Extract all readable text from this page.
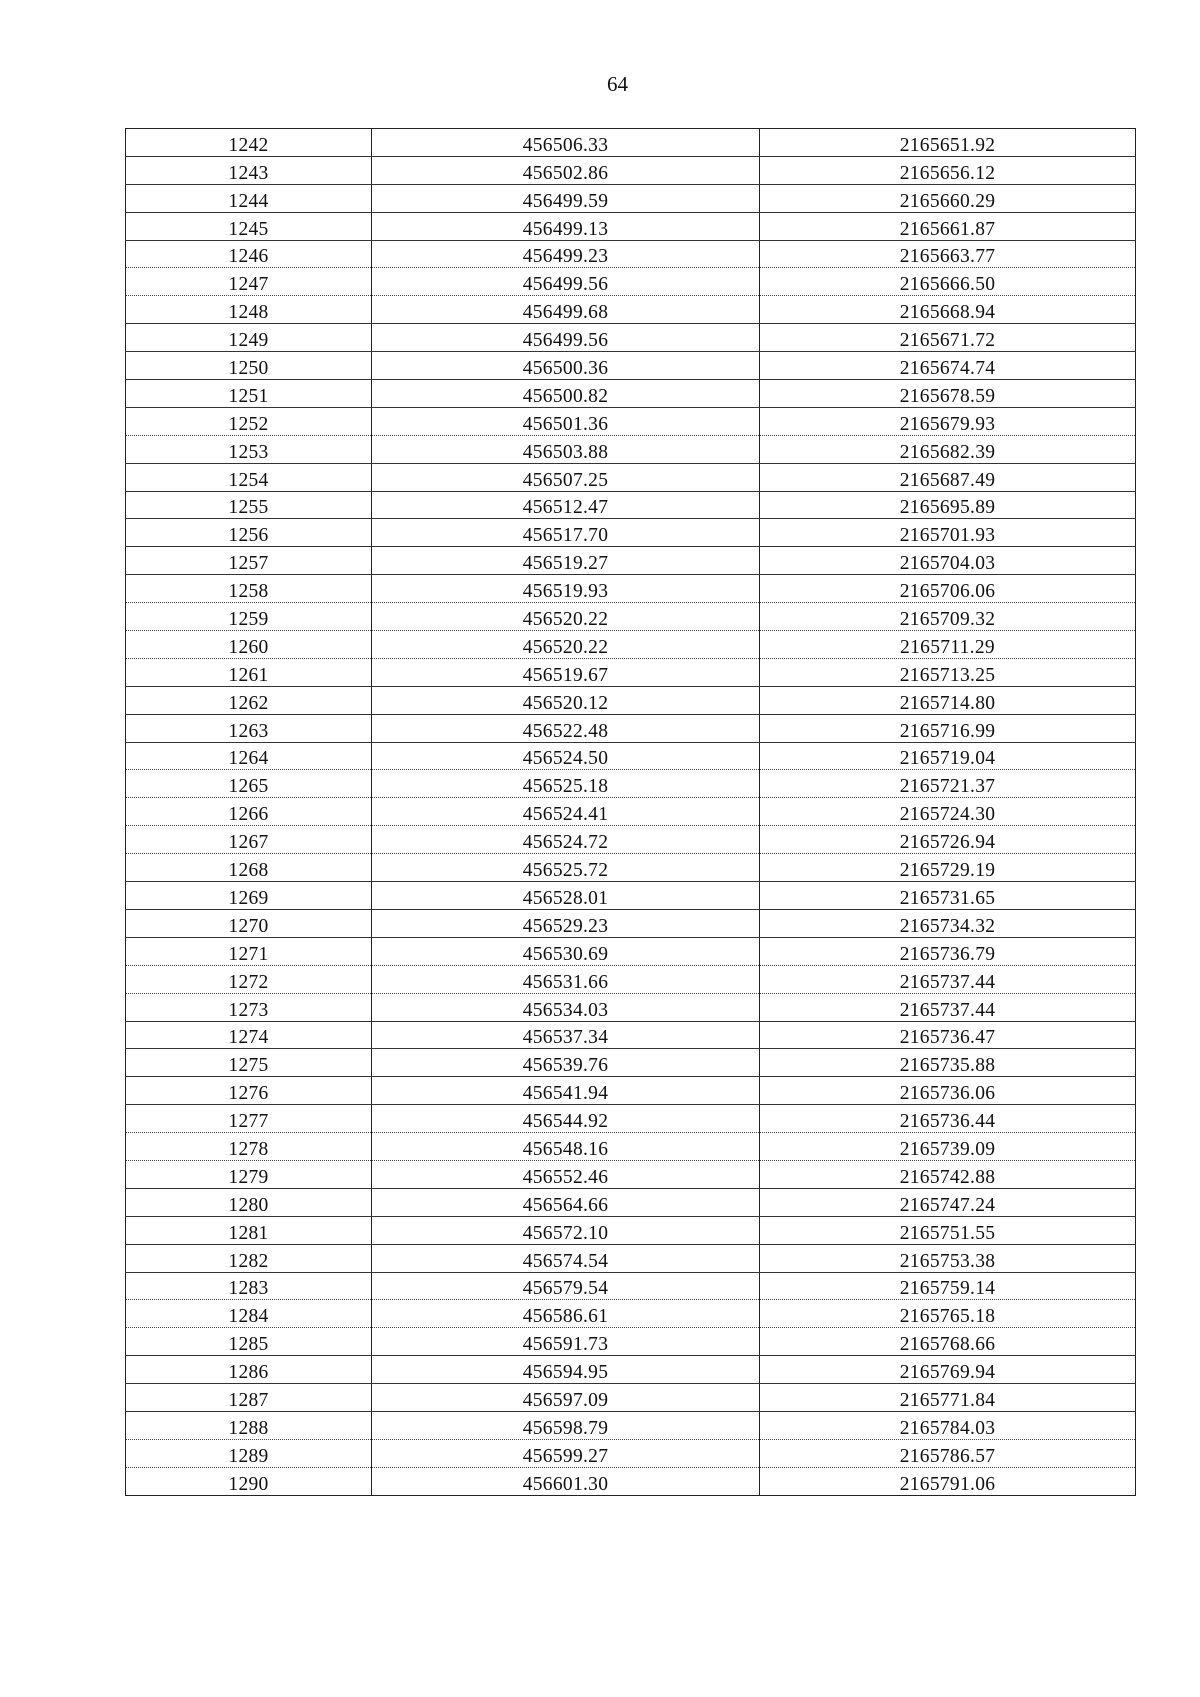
64
1242	456506.33	2165651.92
1243	456502.86	2165656.12
1244	456499.59	2165660.29
1245	456499.13	2165661.87
1246	456499.23	2165663.77
1247	456499.56	2165666.50
1248	456499.68	2165668.94
1249	456499.56	2165671.72
1250	456500.36	2165674.74
1251	456500.82	2165678.59
1252	456501.36	2165679.93
1253	456503.88	2165682.39
1254	456507.25	2165687.49
1255	456512.47	2165695.89
1256	456517.70	2165701.93
1257	456519.27	2165704.03
1258	456519.93	2165706.06
1259	456520.22	2165709.32
1260	456520.22	2165711.29
1261	456519.67	2165713.25
1262	456520.12	2165714.80
1263	456522.48	2165716.99
1264	456524.50	2165719.04
1265	456525.18	2165721.37
1266	456524.41	2165724.30
1267	456524.72	2165726.94
1268	456525.72	2165729.19
1269	456528.01	2165731.65
1270	456529.23	2165734.32
1271	456530.69	2165736.79
1272	456531.66	2165737.44
1273	456534.03	2165737.44
1274	456537.34	2165736.47
1275	456539.76	2165735.88
1276	456541.94	2165736.06
1277	456544.92	2165736.44
1278	456548.16	2165739.09
1279	456552.46	2165742.88
1280	456564.66	2165747.24
1281	456572.10	2165751.55
1282	456574.54	2165753.38
1283	456579.54	2165759.14
1284	456586.61	2165765.18
1285	456591.73	2165768.66
1286	456594.95	2165769.94
1287	456597.09	2165771.84
1288	456598.79	2165784.03
1289	456599.27	2165786.57
1290	456601.30	2165791.06
